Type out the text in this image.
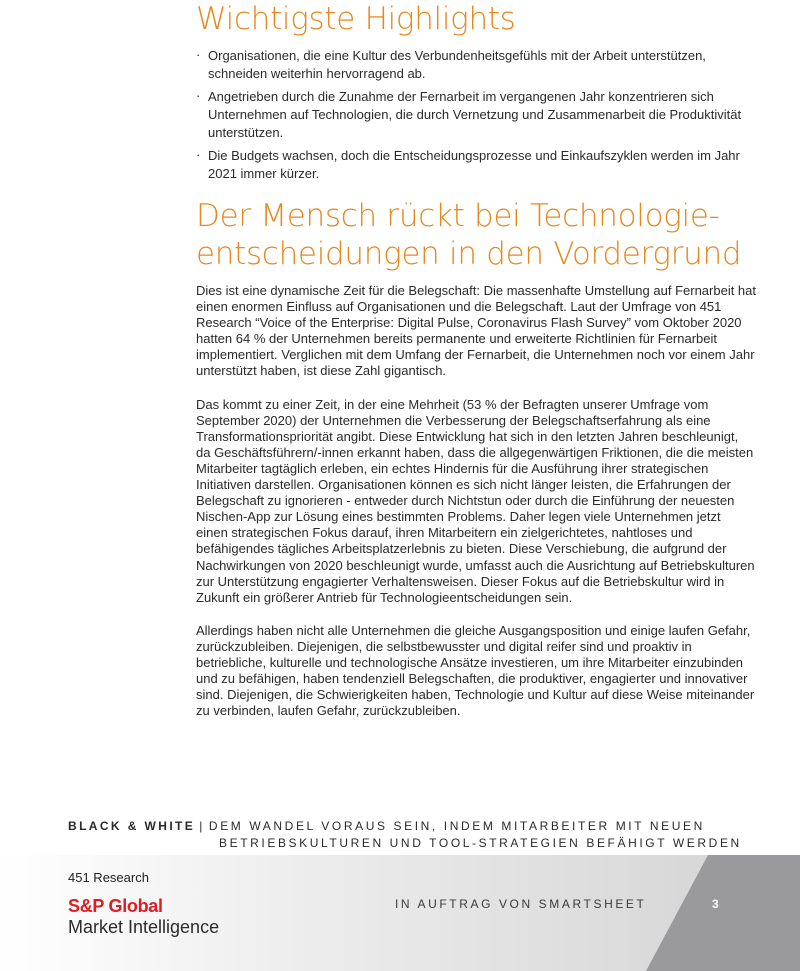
Wichtigste Highlights
· Organisationen, die eine Kultur des Verbundenheitsgefühls mit der Arbeit unterstützen, schneiden weiterhin hervorragend ab.
· Angetrieben durch die Zunahme der Fernarbeit im vergangenen Jahr konzentrieren sich Unternehmen auf Technologien, die durch Vernetzung und Zusammenarbeit die Produktivität unterstützen.
· Die Budgets wachsen, doch die Entscheidungsprozesse und Einkaufszyklen werden im Jahr 2021 immer kürzer.
Der Mensch rückt bei Technologie-
entscheidungen in den Vordergrund

Dies ist eine dynamische Zeit für die Belegschaft: Die massenhafte Umstellung auf Fernarbeit hat einen enormen Einfluss auf Organisationen und die Belegschaft. Laut der Umfrage von 451 Research “Voice of the Enterprise: Digital Pulse, Coronavirus Flash Survey” vom Oktober 2020 hatten 64 % der Unternehmen bereits permanente und erweiterte Richtlinien für Fernarbeit implementiert. Verglichen mit dem Umfang der Fernarbeit, die Unternehmen noch vor einem Jahr unterstützt haben, ist diese Zahl gigantisch.

Das kommt zu einer Zeit, in der eine Mehrheit (53 % der Befragten unserer Umfrage vom September 2020) der Unternehmen die Verbesserung der Belegschaftserfahrung als eine Transformationspriorität angibt. Diese Entwicklung hat sich in den letzten Jahren beschleunigt, da Geschäftsführern/-innen erkannt haben, dass die allgegenwärtigen Friktionen, die die meisten Mitarbeiter tagtäglich erleben, ein echtes Hindernis für die Ausführung ihrer strategischen Initiativen darstellen. Organisationen können es sich nicht länger leisten, die Erfahrungen der Belegschaft zu ignorieren - entweder durch Nichtstun oder durch die Einführung der neuesten Nischen-App zur Lösung eines bestimmten Problems. Daher legen viele Unternehmen jetzt einen strategischen Fokus darauf, ihren Mitarbeitern ein zielgerichtetes, nahtloses und befähigendes tägliches Arbeitsplatzerlebnis zu bieten. Diese Verschiebung, die aufgrund der Nachwirkungen von 2020 beschleunigt wurde, umfasst auch die Ausrichtung auf Betriebskulturen zur Unterstützung engagierter Verhaltensweisen. Dieser Fokus auf die Betriebskultur wird in Zukunft ein größerer Antrieb für Technologieentscheidungen sein.

Allerdings haben nicht alle Unternehmen die gleiche Ausgangsposition und einige laufen Gefahr, zurückzubleiben. Diejenigen, die selbstbewusster und digital reifer sind und proaktiv in betriebliche, kulturelle und technologische Ansätze investieren, um ihre Mitarbeiter einzubinden und zu befähigen, haben tendenziell Belegschaften, die produktiver, engagierter und innovativer sind. Diejenigen, die Schwierigkeiten haben, Technologie und Kultur auf diese Weise miteinander zu verbinden, laufen Gefahr, zurückzubleiben.

BLACK & WHITE | DEM WANDEL VORAUS SEIN, INDEM MITARBEITER MIT NEUEN
BETRIEBSKULTUREN UND TOOL-STRATEGIEN BEFÄHIGT WERDEN
451 Research
S&P Global
Market Intelligence
IN AUFTRAG VON SMARTSHEET	3
